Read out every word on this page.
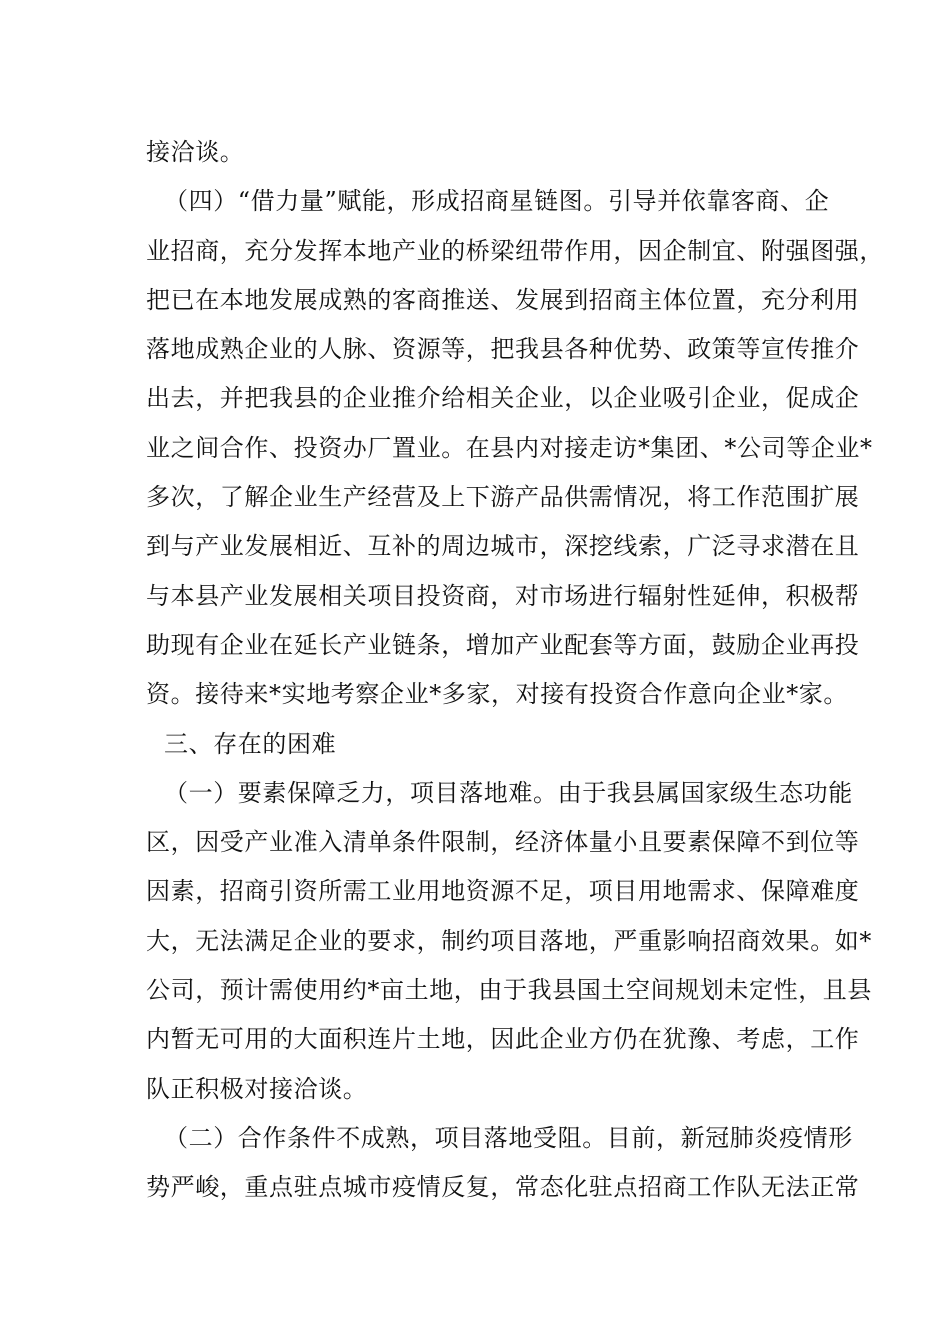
接洽谈。
（四）“借力量”赋能，形成招商星链图。引导并依靠客商、企
业招商，充分发挥本地产业的桥梁纽带作用，因企制宜、附强图强，
把已在本地发展成熟的客商推送、发展到招商主体位置，充分利用
落地成熟企业的人脉、资源等，把我县各种优势、政策等宣传推介
出去，并把我县的企业推介给相关企业，以企业吸引企业，促成企
业之间合作、投资办厂置业。在县内对接走访*集团、*公司等企业*
多次，了解企业生产经营及上下游产品供需情况，将工作范围扩展
到与产业发展相近、互补的周边城市，深挖线索，广泛寻求潜在且
与本县产业发展相关项目投资商，对市场进行辐射性延伸，积极帮
助现有企业在延长产业链条，增加产业配套等方面，鼓励企业再投
资。接待来*实地考察企业*多家，对接有投资合作意向企业*家。
三、存在的困难
（一）要素保障乏力，项目落地难。由于我县属国家级生态功能
区，因受产业准入清单条件限制，经济体量小且要素保障不到位等
因素，招商引资所需工业用地资源不足，项目用地需求、保障难度
大，无法满足企业的要求，制约项目落地，严重影响招商效果。如*
公司，预计需使用约*亩土地，由于我县国土空间规划未定性，且县
内暂无可用的大面积连片土地，因此企业方仍在犹豫、考虑，工作
队正积极对接洽谈。
（二）合作条件不成熟，项目落地受阻。目前，新冠肺炎疫情形
势严峻，重点驻点城市疫情反复，常态化驻点招商工作队无法正常
